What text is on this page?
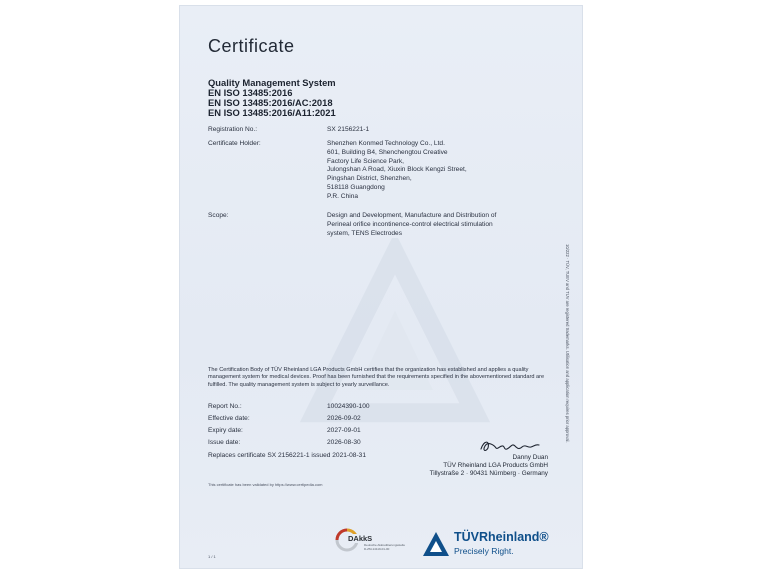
Certificate
Quality Management System
EN ISO 13485:2016
EN ISO 13485:2016/AC:2018
EN ISO 13485:2016/A11:2021
Registration No.:	SX 2156221-1
Certificate Holder:	Shenzhen Konmed Technology Co., Ltd.
601, Building B4, Shenchengtou Creative
Factory Life Science Park,
Julongshan A Road, Xiuxin Block Kengzi Street,
Pingshan District, Shenzhen,
518118 Guangdong
P.R. China
Scope:	Design and Development, Manufacture and Distribution of
Perineal orifice incontinence-control electrical stimulation
system, TENS Electrodes
The Certification Body of TÜV Rheinland LGA Products GmbH certifies that the organization has established and applies a quality management system for medical devices. Proof has been furnished that the requirements specified in the abovementioned standard are fulfilled. The quality management system is subject to yearly surveillance.
Report No.:	10024390-100
Effective date:	2026-09-02
Expiry date:	2027-09-01
Issue date:	2026-08-30
Replaces certificate SX 2156221-1 issued 2021-08-31
This certificate has been validated by https://www.certipedia.com
Danny Duan
TÜV Rheinland LGA Products GmbH
Tillystraße 2 · 90431 Nürnberg · Germany
10/222 · TÜV, TUEV and TUV are registered trademarks. Utilisation and application requires prior approval.
1 / 1
DAkkS
Deutsche Akkreditierungsstelle D-ZM-14119-01-00
TÜVRheinland®
Precisely Right.
